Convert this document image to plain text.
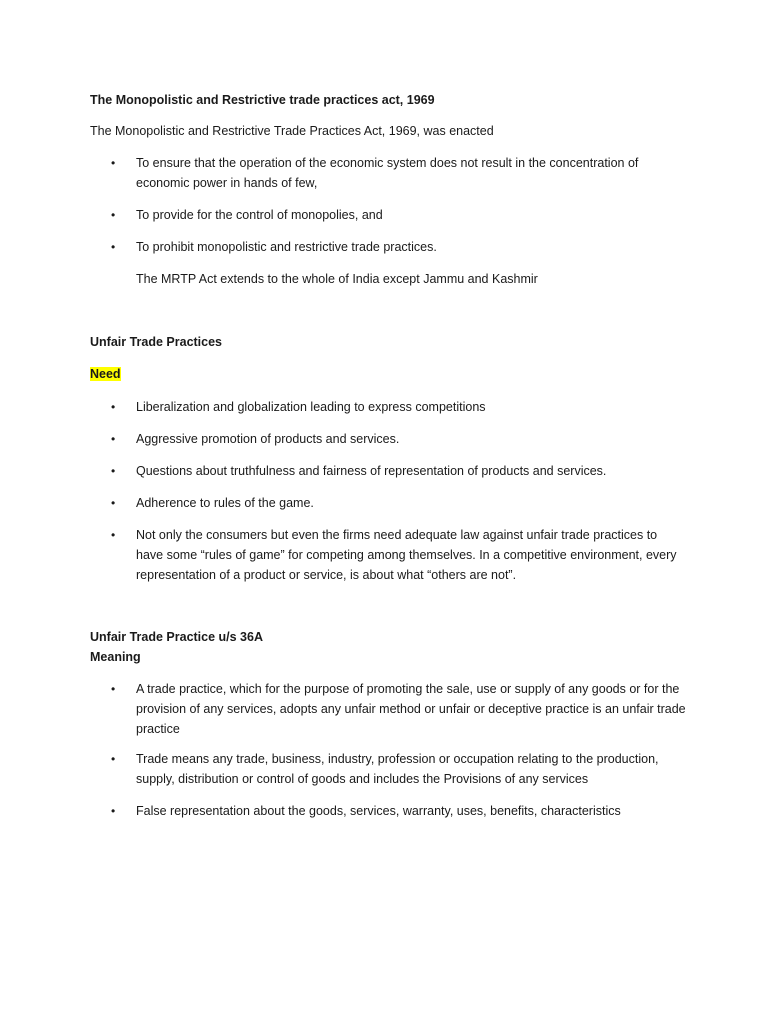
The Monopolistic and Restrictive trade practices act, 1969
The Monopolistic and Restrictive Trade Practices Act, 1969, was enacted
•	To ensure that the operation of the economic system does not result in the concentration of economic power in hands of few,
•	To provide for the control of monopolies, and
•	To prohibit monopolistic and restrictive trade practices.
The MRTP Act extends to the whole of India except Jammu and Kashmir
Unfair Trade Practices
Need
•	Liberalization and globalization leading to express competitions
•	Aggressive promotion of products and services.
•	Questions about truthfulness and fairness of representation of products and services.
•	Adherence to rules of the game.
•	Not only the consumers but even the firms need adequate law against unfair trade practices to have some “rules of game” for competing among themselves. In a competitive environment, every representation of a product or service, is about what “others are not”.
Unfair Trade Practice u/s 36A
Meaning
•	A trade practice, which for the purpose of promoting the sale, use or supply of any goods or for the provision of any services, adopts any unfair method or unfair or deceptive practice is an unfair trade practice
•	Trade means any trade, business, industry, profession or occupation relating to the production, supply, distribution or control of goods and includes the Provisions of any services
•	False representation about the goods, services, warranty, uses, benefits, characteristics
